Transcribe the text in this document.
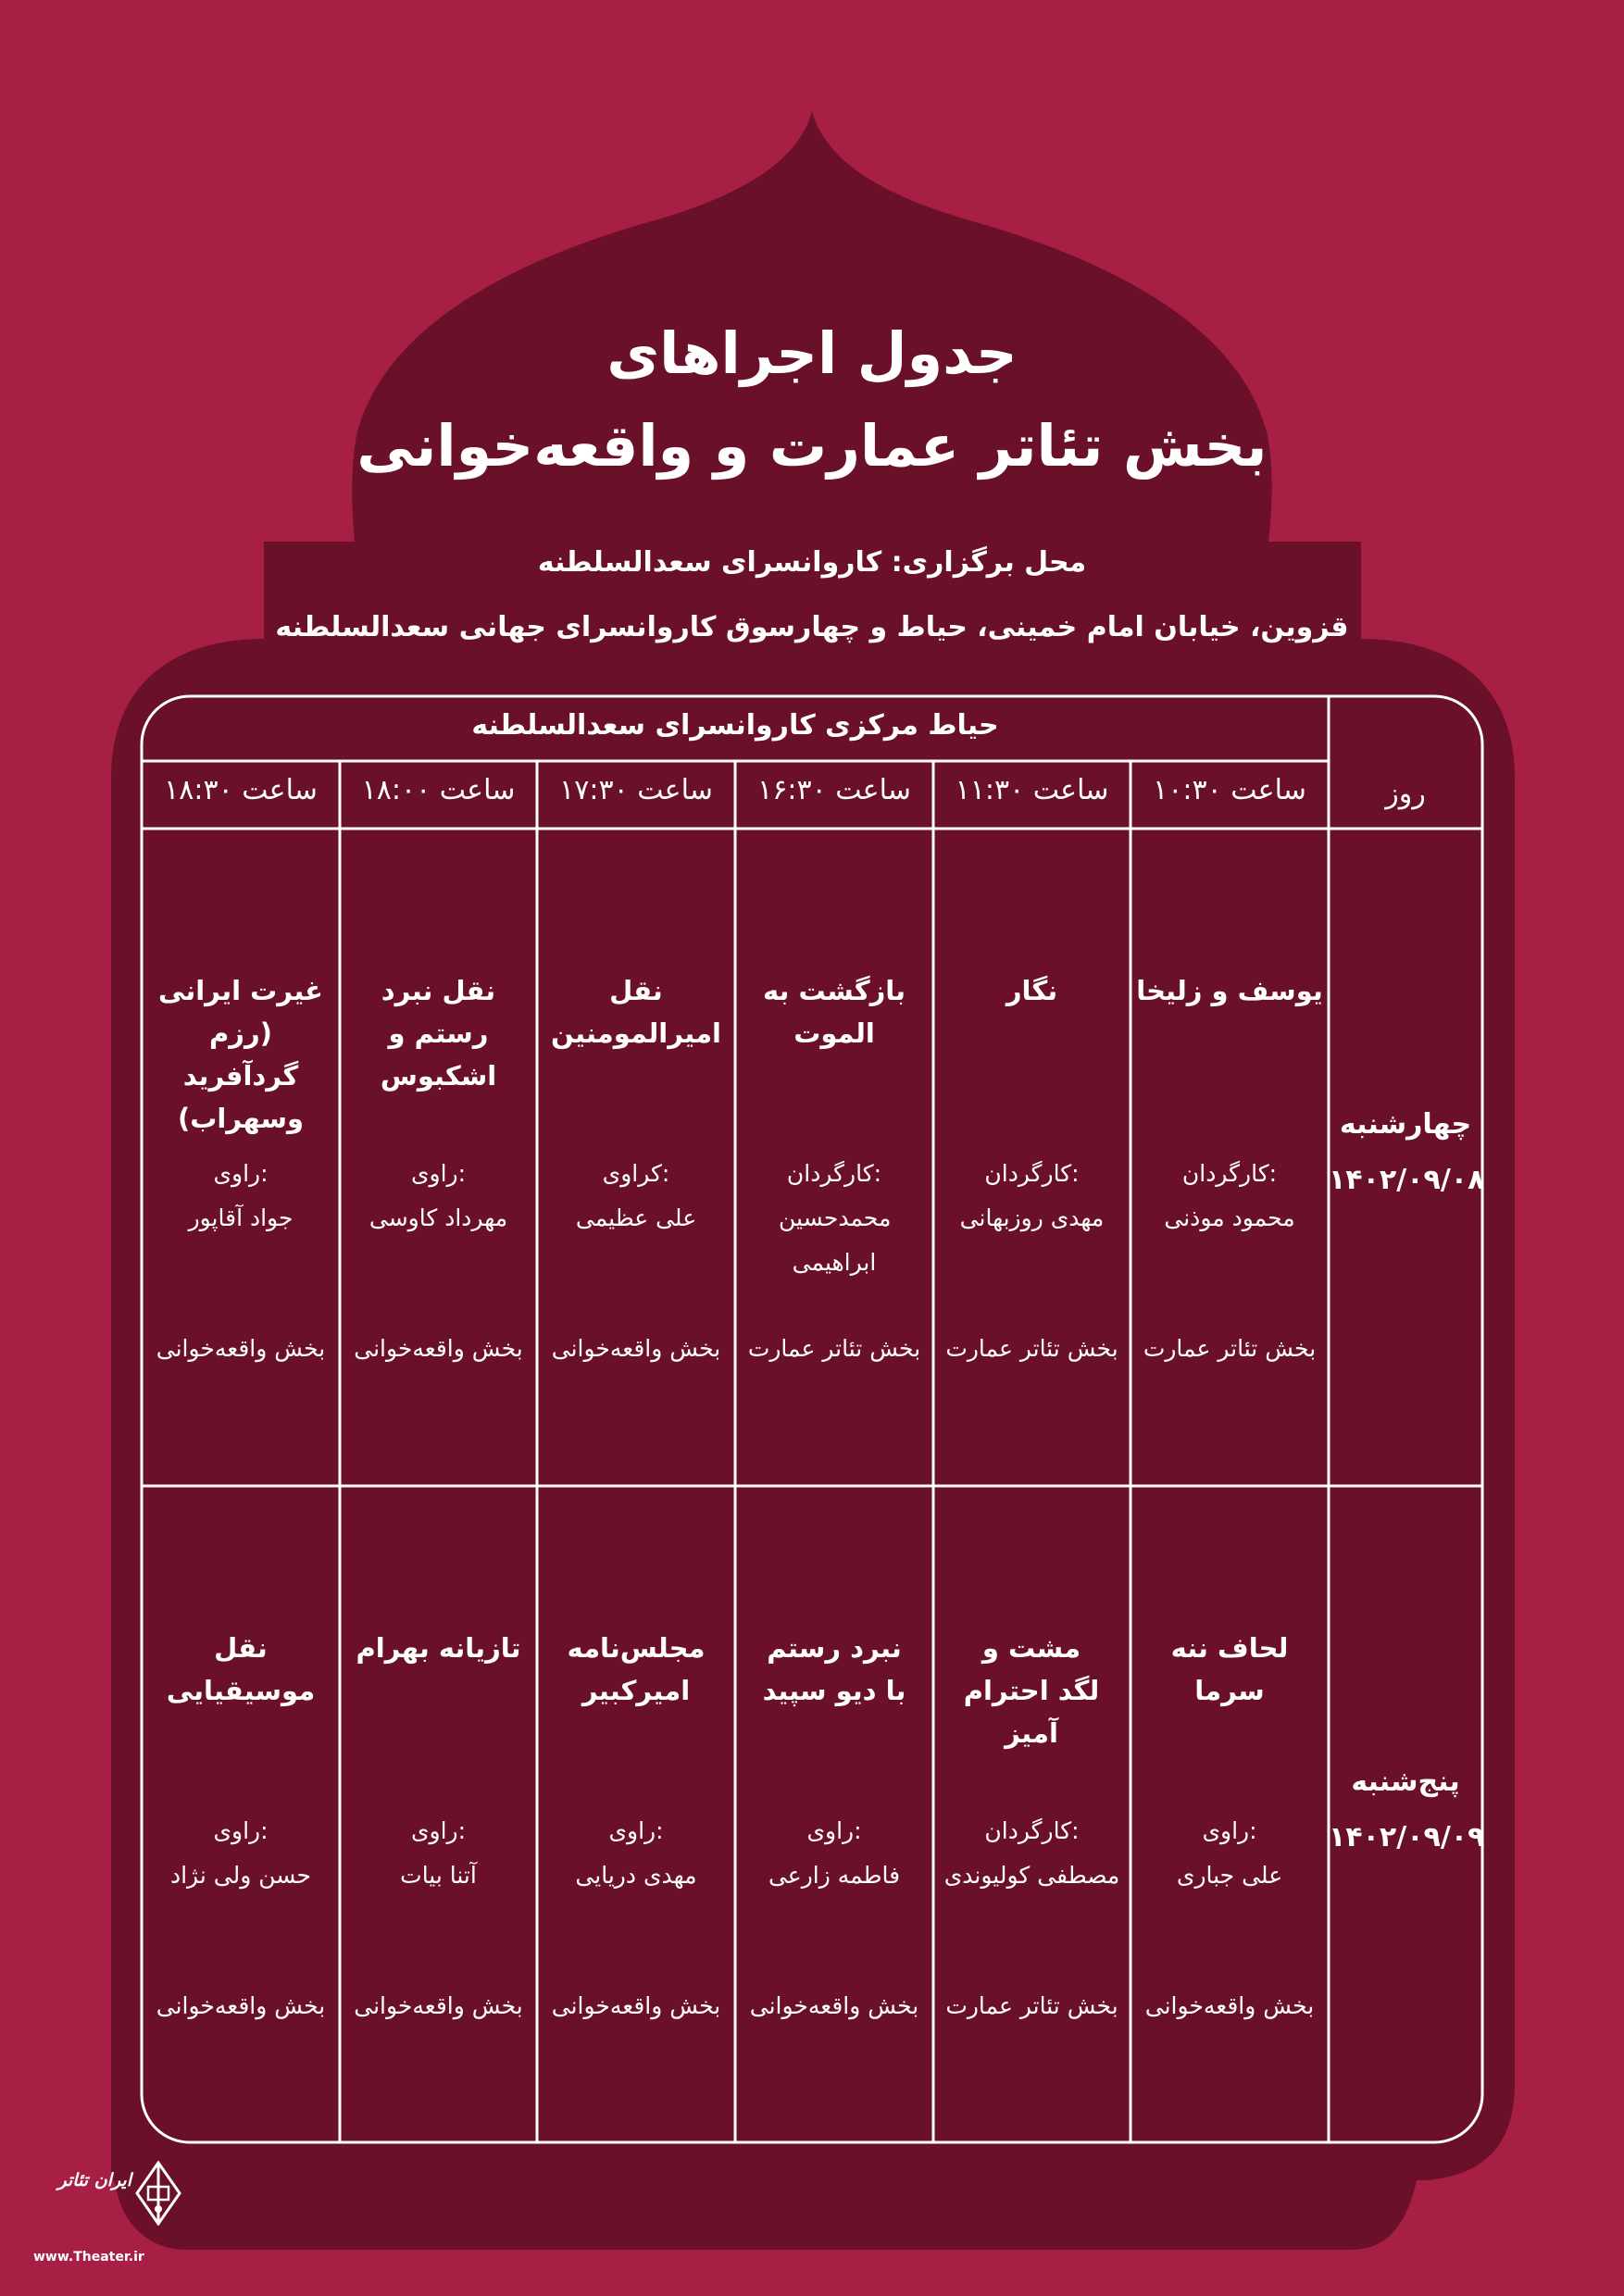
جدول اجراهای
بخش تئاتر عمارت و واقعه‌خوانی
محل برگزاری: کاروانسرای سعدالسلطنه
قزوین، خیابان امام خمینی، حیاط و چهارسوق کاروانسرای جهانی سعدالسلطنه
حیاط مرکزی کاروانسرای سعدالسلطنه
روز
ساعت ۱۰:۳۰
ساعت ۱۱:۳۰
ساعت ۱۶:۳۰
ساعت ۱۷:۳۰
ساعت ۱۸:۰۰
ساعت ۱۸:۳۰
چهارشنبه
۱۴۰۲/۰۹/۰۸
پنج‌شنبه
۱۴۰۲/۰۹/۰۹
یوسف و زلیخا
کارگردان:
محمود موذنی
بخش تئاتر عمارت
نگار
کارگردان:
مهدی روزبهانی
بخش تئاتر عمارت
بازگشت به الموت
کارگردان:
محمدحسین ابراهیمی
بخش تئاتر عمارت
نقل امیرالمومنین
کراوی:
علی عظیمی
بخش واقعه‌خوانی
نقل نبرد رستم و اشکبوس
راوی:
مهرداد کاوسی
بخش واقعه‌خوانی
غیرت ایرانی (رزم گردآفرید وسهراب)
راوی:
جواد آقاپور
بخش واقعه‌خوانی
لحاف ننه سرما
راوی:
علی جباری
بخش واقعه‌خوانی
مشت و لگد احترام آمیز
کارگردان:
مصطفی کولیوندی
بخش تئاتر عمارت
نبرد رستم با دیو سپید
راوی:
فاطمه زارعی
بخش واقعه‌خوانی
مجلس‌نامه امیرکبیر
راوی:
مهدی دریایی
بخش واقعه‌خوانی
تازیانه بهرام
راوی:
آتنا بیات
بخش واقعه‌خوانی
نقل موسیقیایی
راوی:
حسن ولی نژاد
بخش واقعه‌خوانی
ایران تئاتر
www.Theater.ir
